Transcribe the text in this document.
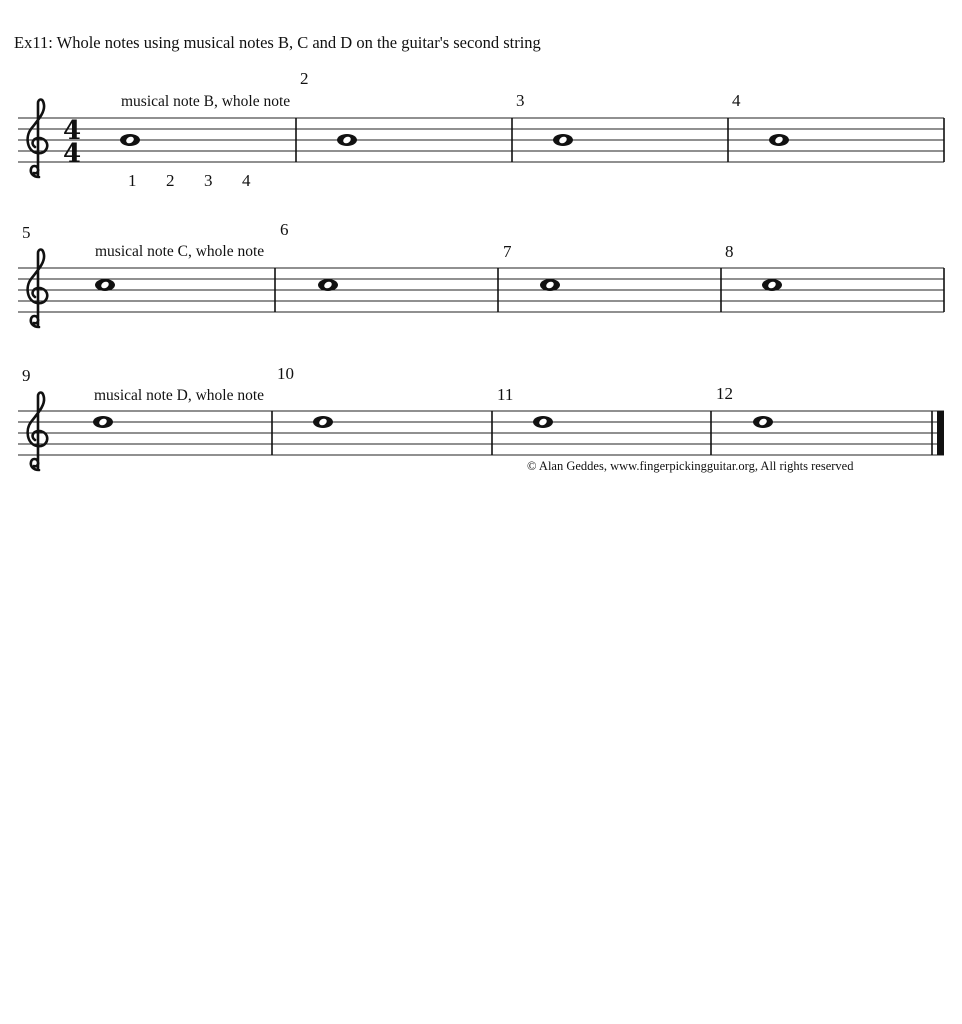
Ex11: Whole notes using musical notes B, C and D on the guitar's second string
4
4
musical note B, whole note
2
3	4
1 2 3 4
5
musical note C, whole note
6
7	8
9
musical note D, whole note
10
11	12
© Alan Geddes, www.fingerpickingguitar.org, All rights reserved
